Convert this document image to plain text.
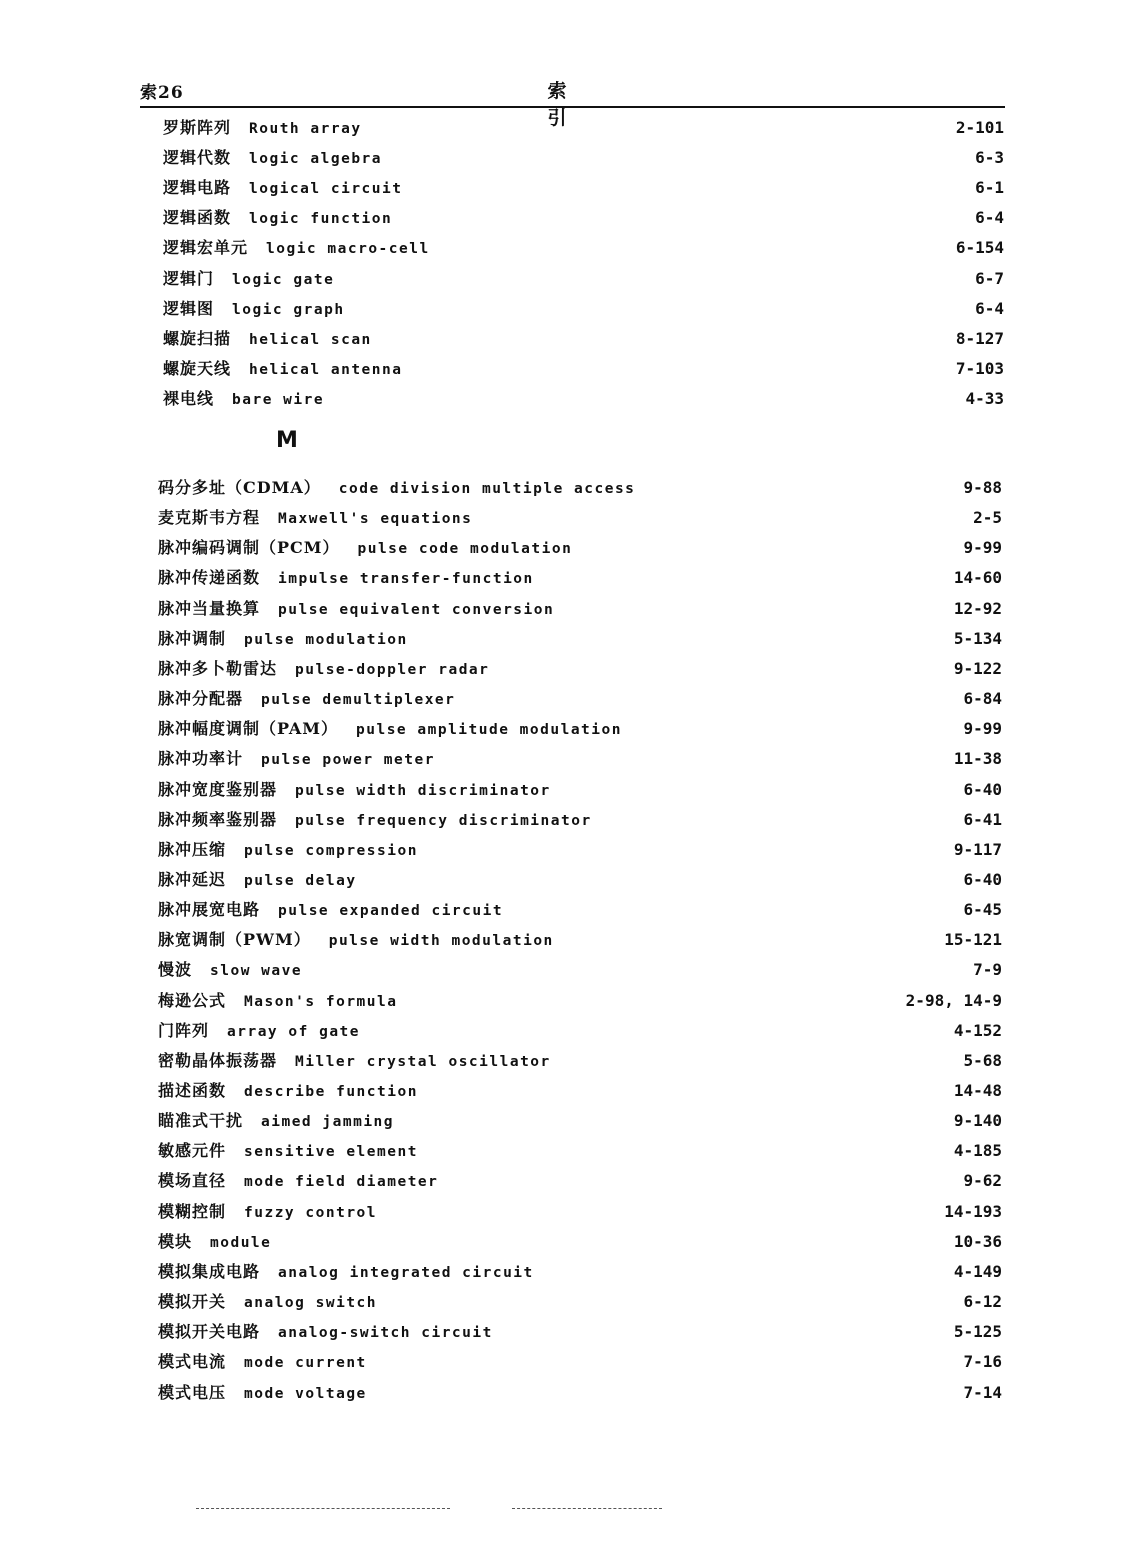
索26	索 引
罗斯阵列 Routh array	2-101
逻辑代数 logic algebra	6-3
逻辑电路 logical circuit	6-1
逻辑函数 logic function	6-4
逻辑宏单元 logic macro-cell	6-154
逻辑门 logic gate	6-7
逻辑图 logic graph	6-4
螺旋扫描 helical scan	8-127
螺旋天线 helical antenna	7-103
裸电线 bare wire	4-33
M
码分多址（CDMA） code division multiple access	9-88
麦克斯韦方程 Maxwell's equations	2-5
脉冲编码调制（PCM） pulse code modulation	9-99
脉冲传递函数 impulse transfer-function	14-60
脉冲当量换算 pulse equivalent conversion	12-92
脉冲调制 pulse modulation	5-134
脉冲多卜勒雷达 pulse-doppler radar	9-122
脉冲分配器 pulse demultiplexer	6-84
脉冲幅度调制（PAM） pulse amplitude modulation	9-99
脉冲功率计 pulse power meter	11-38
脉冲宽度鉴别器 pulse width discriminator	6-40
脉冲频率鉴别器 pulse frequency discriminator	6-41
脉冲压缩 pulse compression	9-117
脉冲延迟 pulse delay	6-40
脉冲展宽电路 pulse expanded circuit	6-45
脉宽调制（PWM） pulse width modulation	15-121
慢波 slow wave	7-9
梅逊公式 Mason's formula	2-98, 14-9
门阵列 array of gate	4-152
密勒晶体振荡器 Miller crystal oscillator	5-68
描述函数 describe function	14-48
瞄准式干扰 aimed jamming	9-140
敏感元件 sensitive element	4-185
模场直径 mode field diameter	9-62
模糊控制 fuzzy control	14-193
模块 module	10-36
模拟集成电路 analog integrated circuit	4-149
模拟开关 analog switch	6-12
模拟开关电路 analog-switch circuit	5-125
模式电流 mode current	7-16
模式电压 mode voltage	7-14
